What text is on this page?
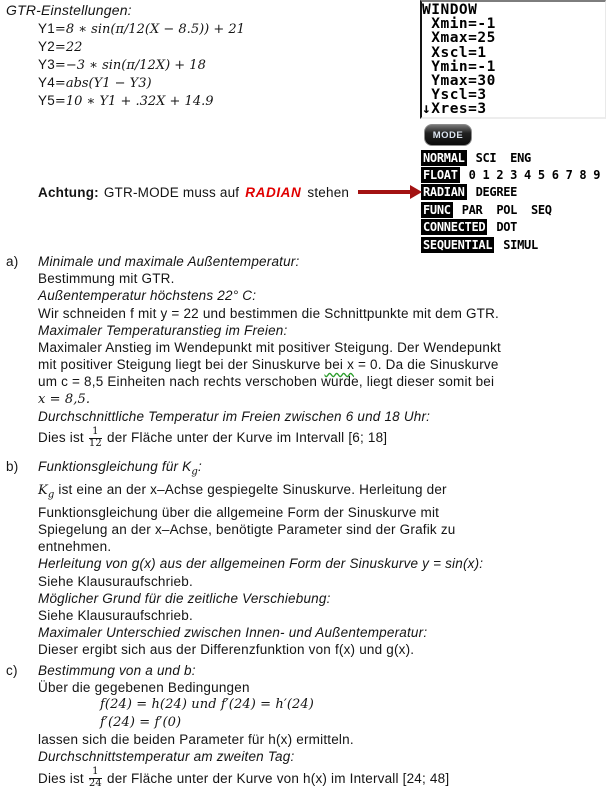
GTR-Einstellungen:
Y1=8 ∗ sin(π/12(X − 8.5)) + 21
Y2=22
Y3=−3 ∗ sin(π/12X) + 18
Y4=abs(Y1 − Y3)
Y5=10 ∗ Y1 + .32X + 14.9
WINDOW
Xmin=-1
Xmax=25
Xscl=1
Ymin=-1
Ymax=30
Yscl=3
↓Xres=3
MODE
NORMAL SCI  ENG
FLOAT 0 1 2 3 4 5 6 7 8 9
RADIAN DEGREE
FUNC PAR  POL  SEQ
CONNECTED DOT
SEQUENTIAL SIMUL
Achtung: GTR-MODE muss auf RADIAN stehen
a)	Minimale und maximale Außentemperatur:
Bestimmung mit GTR.
Außentemperatur höchstens 22° C:
Wir schneiden f mit y = 22 und bestimmen die Schnittpunkte mit dem GTR.
Maximaler Temperaturanstieg im Freien:
Maximaler Anstieg im Wendepunkt mit positiver Steigung. Der Wendepunkt
mit positiver Steigung liegt bei der Sinuskurve bei x = 0. Da die Sinuskurve
um c = 8,5 Einheiten nach rechts verschoben wurde, liegt dieser somit bei
x = 8,5.
Durchschnittliche Temperatur im Freien zwischen 6 und 18 Uhr:
Dies ist $\frac{1}{12}$ der Fläche unter der Kurve im Intervall [6; 18]
b)	Funktionsgleichung für $K_g$:
$K_g$ ist eine an der x–Achse gespiegelte Sinuskurve. Herleitung der
Funktionsgleichung über die allgemeine Form der Sinuskurve mit
Spiegelung an der x–Achse, benötigte Parameter sind der Grafik zu
entnehmen.
Herleitung von g(x) aus der allgemeinen Form der Sinuskurve y = sin(x):
Siehe Klausuraufschrieb.
Möglicher Grund für die zeitliche Verschiebung:
Siehe Klausuraufschrieb.
Maximaler Unterschied zwischen Innen- und Außentemperatur:
Dieser ergibt sich aus der Differenzfunktion von f(x) und g(x).
c)	Bestimmung von a und b:
Über die gegebenen Bedingungen
f(24) = h(24) und f′(24) = h′(24)
f′(24) = f′(0)
lassen sich die beiden Parameter für h(x) ermitteln.
Durchschnittstemperatur am zweiten Tag:
Dies ist $\frac{1}{24}$ der Fläche unter der Kurve von h(x) im Intervall [24; 48]
